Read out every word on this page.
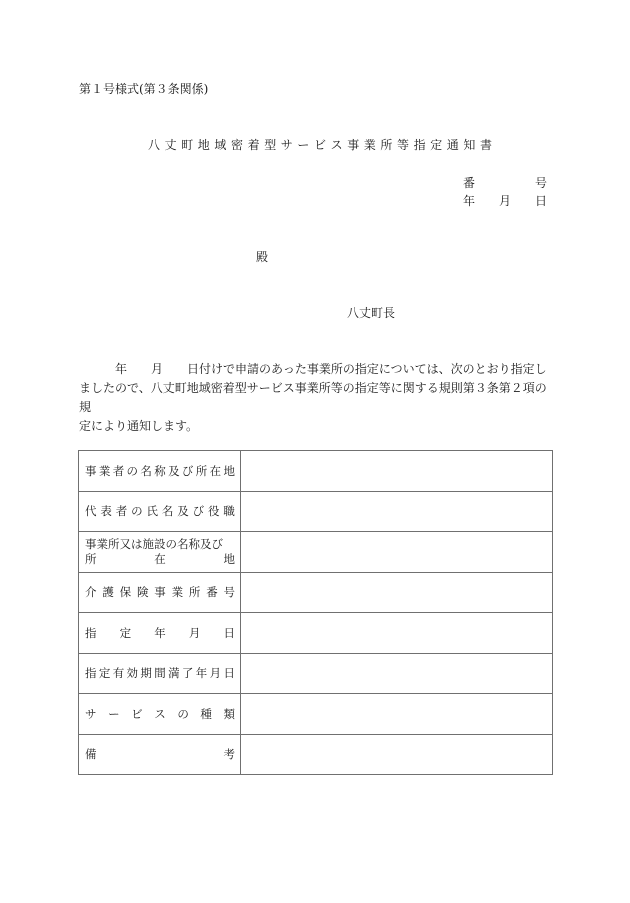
第１号様式(第３条関係)
八丈町地域密着型サービス事業所等指定通知書
番	号
年 月 日
殿
八丈町長

　　　年　　月　　日付けで申請のあった事業所の指定については、次のとおり指定し

ましたので、八丈町地域密着型サービス事業所等の指定等に関する規則第３条第２項の規

定により通知します。

事 業 者 の 名 称 及 び 所 在 地

代 表 者 の 氏 名 及 び 役 職

事業所又は施設の名称及び
所 在 地	

介 護 保 険 事 業 所 番 号

指 定 年 月 日	

指 定 有 効 期 間 満 了 年 月 日

サ ー ビ ス の 種 類

備 考	
